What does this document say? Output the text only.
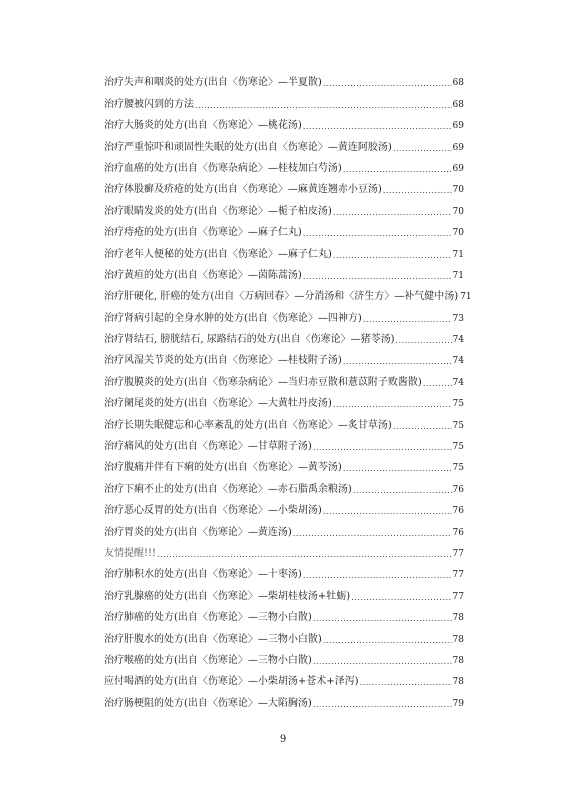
治疗失声和咽炎的处方(出自〈伤寒论〉—半夏散) .....	68
治疗腰被闪到的方法 .....	68
治疗大肠炎的处方(出自〈伤寒论〉—桃花汤) .....	69
治疗严重惊吓和顽固性失眠的处方(出自〈伤寒论〉—黄连阿胶汤) .....	69
治疗血癌的处方(出自〈伤寒杂病论〉—桂枝加白芍汤) .....	69
治疗体股癣及疥疮的处方(出自〈伤寒论〉—麻黄连翘赤小豆汤) .....	70
治疗眼睛发炎的处方(出自〈伤寒论〉—栀子柏皮汤) .....	70
治疗痔疮的处方(出自〈伤寒论〉—麻子仁丸) .....	70
治疗老年人便秘的处方(出自〈伤寒论〉—麻子仁丸) .....	71
治疗黄疸的处方(出自〈伤寒论〉—茵陈蒿汤) .....	71
治疗肝硬化, 肝癌的处方(出自〈万病回春〉—分消汤和〈济生方〉—补气健中汤) 71
治疗肾病引起的全身水肿的处方(出自〈伤寒论〉—四神方) .....	73
治疗肾结石, 膀胱结石, 尿路结石的处方(出自〈伤寒论〉—猪苓汤) .....	74
治疗风湿关节炎的处方(出自〈伤寒论〉—桂枝附子汤) .....	74
治疗腹膜炎的处方(出自〈伤寒杂病论〉—当归赤豆散和薏苡附子败酱散) .....	74
治疗阑尾炎的处方(出自〈伤寒论〉—大黄牡丹皮汤) .....	75
治疗长期失眠健忘和心率紊乱的处方(出自〈伤寒论〉—炙甘草汤) .....	75
治疗痛风的处方(出自〈伤寒论〉—甘草附子汤) .....	75
治疗腹痛并伴有下痢的处方(出自〈伤寒论〉—黄芩汤) .....	75
治疗下痢不止的处方(出自〈伤寒论〉—赤石脂禹余粮汤) .....	76
治疗恶心反胃的处方(出自〈伤寒论〉—小柴胡汤) .....	76
治疗胃炎的处方(出自〈伤寒论〉—黄连汤) .....	76
友情提醒!!! .....	77
治疗肺积水的处方(出自〈伤寒论〉—十枣汤) .....	77
治疗乳腺癌的处方(出自〈伤寒论〉—柴胡桂枝汤+牡蛎) .....	77
治疗肺癌的处方(出自〈伤寒论〉—三物小白散) .....	78
治疗肝腹水的处方(出自〈伤寒论〉—三物小白散) .....	78
治疗喉癌的处方(出自〈伤寒论〉—三物小白散) .....	78
应付喝酒的处方(出自〈伤寒论〉—小柴胡汤+苍术+泽泻) .....	78
治疗肠梗阻的处方(出自〈伤寒论〉—大陷胸汤) .....	79
9
